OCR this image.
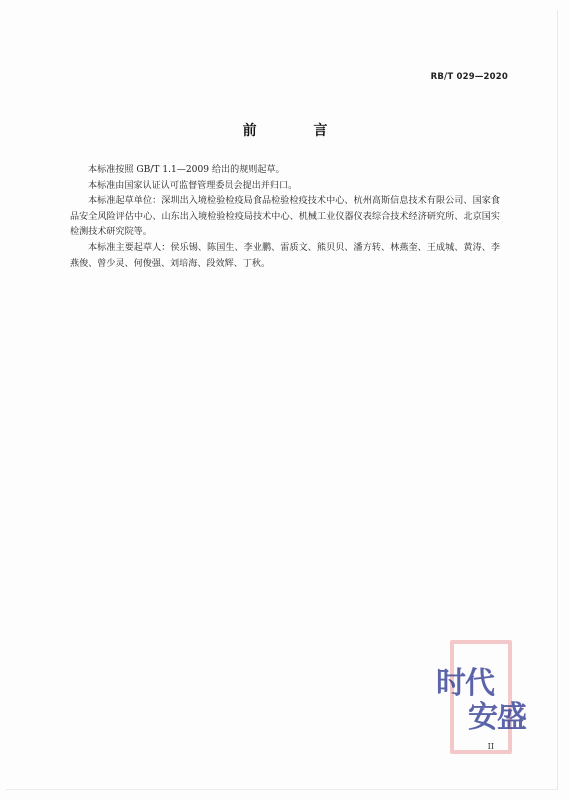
RB/T 029—2020
前 言

本标准按照 GB/T 1.1—2009 给出的规则起草。

本标准由国家认证认可监督管理委员会提出并归口。

本标准起草单位：深圳出入境检验检疫局食品检验检疫技术中心、杭州高斯信息技术有限公司、国家食品安全风险评估中心、山东出入境检验检疫局技术中心、机械工业仪器仪表综合技术经济研究所、北京国实检测技术研究院等。

本标准主要起草人：侯乐锡、陈国生、李业鹏、雷质文、熊贝贝、潘方转、林燕奎、王成城、黄涛、李燕俊、曾少灵、何俊强、刘培海、段效辉、丁秋。

时代
安盛
II
